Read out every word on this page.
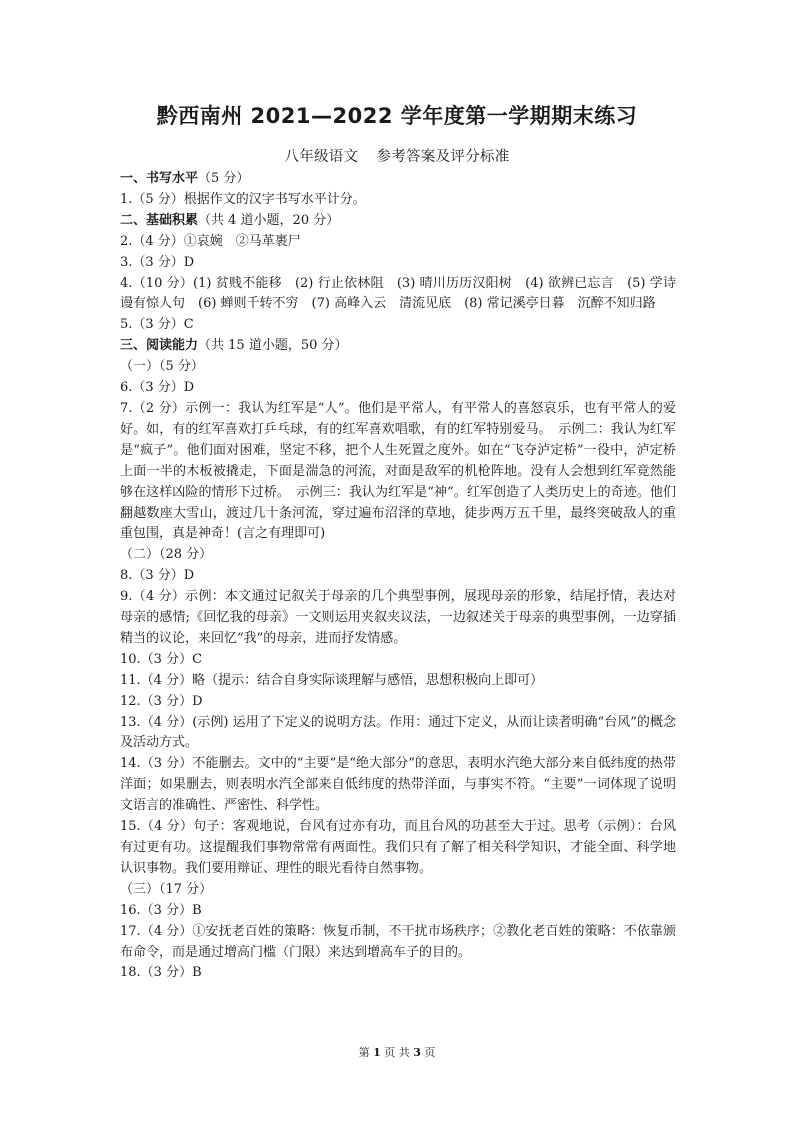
黔西南州 2021—2022 学年度第一学期期末练习
八年级语文 参考答案及评分标准
一、书写水平（5 分）
1.（5 分）根据作文的汉字书写水平计分。
二、基础积累（共 4 道小题，20 分）
2.（4 分）①哀婉　②马革裹尸
3.（3 分）D
4.（10 分）(1) 贫贱不能移　(2) 行止依林阻　(3) 晴川历历汉阳树　(4) 欲辨已忘言　(5) 学诗谩有惊人句　(6) 蝉则千转不穷　(7) 高峰入云　清流见底　(8) 常记溪亭日暮　沉醉不知归路
5.（3 分）C
三、阅读能力（共 15 道小题，50 分）
（一）（5 分）
6.（3 分）D
7.（2 分）示例一：我认为红军是“人”。他们是平常人，有平常人的喜怒哀乐，也有平常人的爱好。如，有的红军喜欢打乒乓球，有的红军喜欢唱歌，有的红军特别爱马。　示例二：我认为红军是“疯子”。他们面对困难，坚定不移，把个人生死置之度外。如在“飞夺泸定桥”一役中，泸定桥上面一半的木板被撬走，下面是湍急的河流，对面是敌军的机枪阵地。没有人会想到红军竟然能够在这样凶险的情形下过桥。　示例三：我认为红军是“神”。红军创造了人类历史上的奇迹。他们翻越数座大雪山，渡过几十条河流，穿过遍布沼泽的草地，徒步两万五千里，最终突破敌人的重重包围，真是神奇！(言之有理即可)
（二）（28 分）
8.（3 分）D
9.（4 分）示例：本文通过记叙关于母亲的几个典型事例，展现母亲的形象，结尾抒情，表达对母亲的感情;《回忆我的母亲》一文则运用夹叙夹议法，一边叙述关于母亲的典型事例，一边穿插精当的议论，来回忆“我”的母亲，进而抒发情感。
10.（3 分）C
11.（4 分）略（提示：结合自身实际谈理解与感悟，思想积极向上即可）
12.（3 分）D
13.（4 分）(示例) 运用了下定义的说明方法。作用：通过下定义，从而让读者明确“台风”的概念及活动方式。
14.（3 分）不能删去。文中的“主要”是“绝大部分”的意思，表明水汽绝大部分来自低纬度的热带洋面；如果删去，则表明水汽全部来自低纬度的热带洋面，与事实不符。“主要”一词体现了说明文语言的准确性、严密性、科学性。
15.（4 分）句子：客观地说，台风有过亦有功，而且台风的功甚至大于过。思考（示例）：台风有过更有功。这提醒我们事物常常有两面性。我们只有了解了相关科学知识，才能全面、科学地认识事物。我们要用辩证、理性的眼光看待自然事物。
（三）（17 分）
16.（3 分）B
17.（4 分）①安抚老百姓的策略：恢复币制，不干扰市场秩序；②教化老百姓的策略：不依靠颁布命令，而是通过增高门槛（门限）来达到增高车子的目的。
18.（3 分）B
第 1 页 共 3 页
